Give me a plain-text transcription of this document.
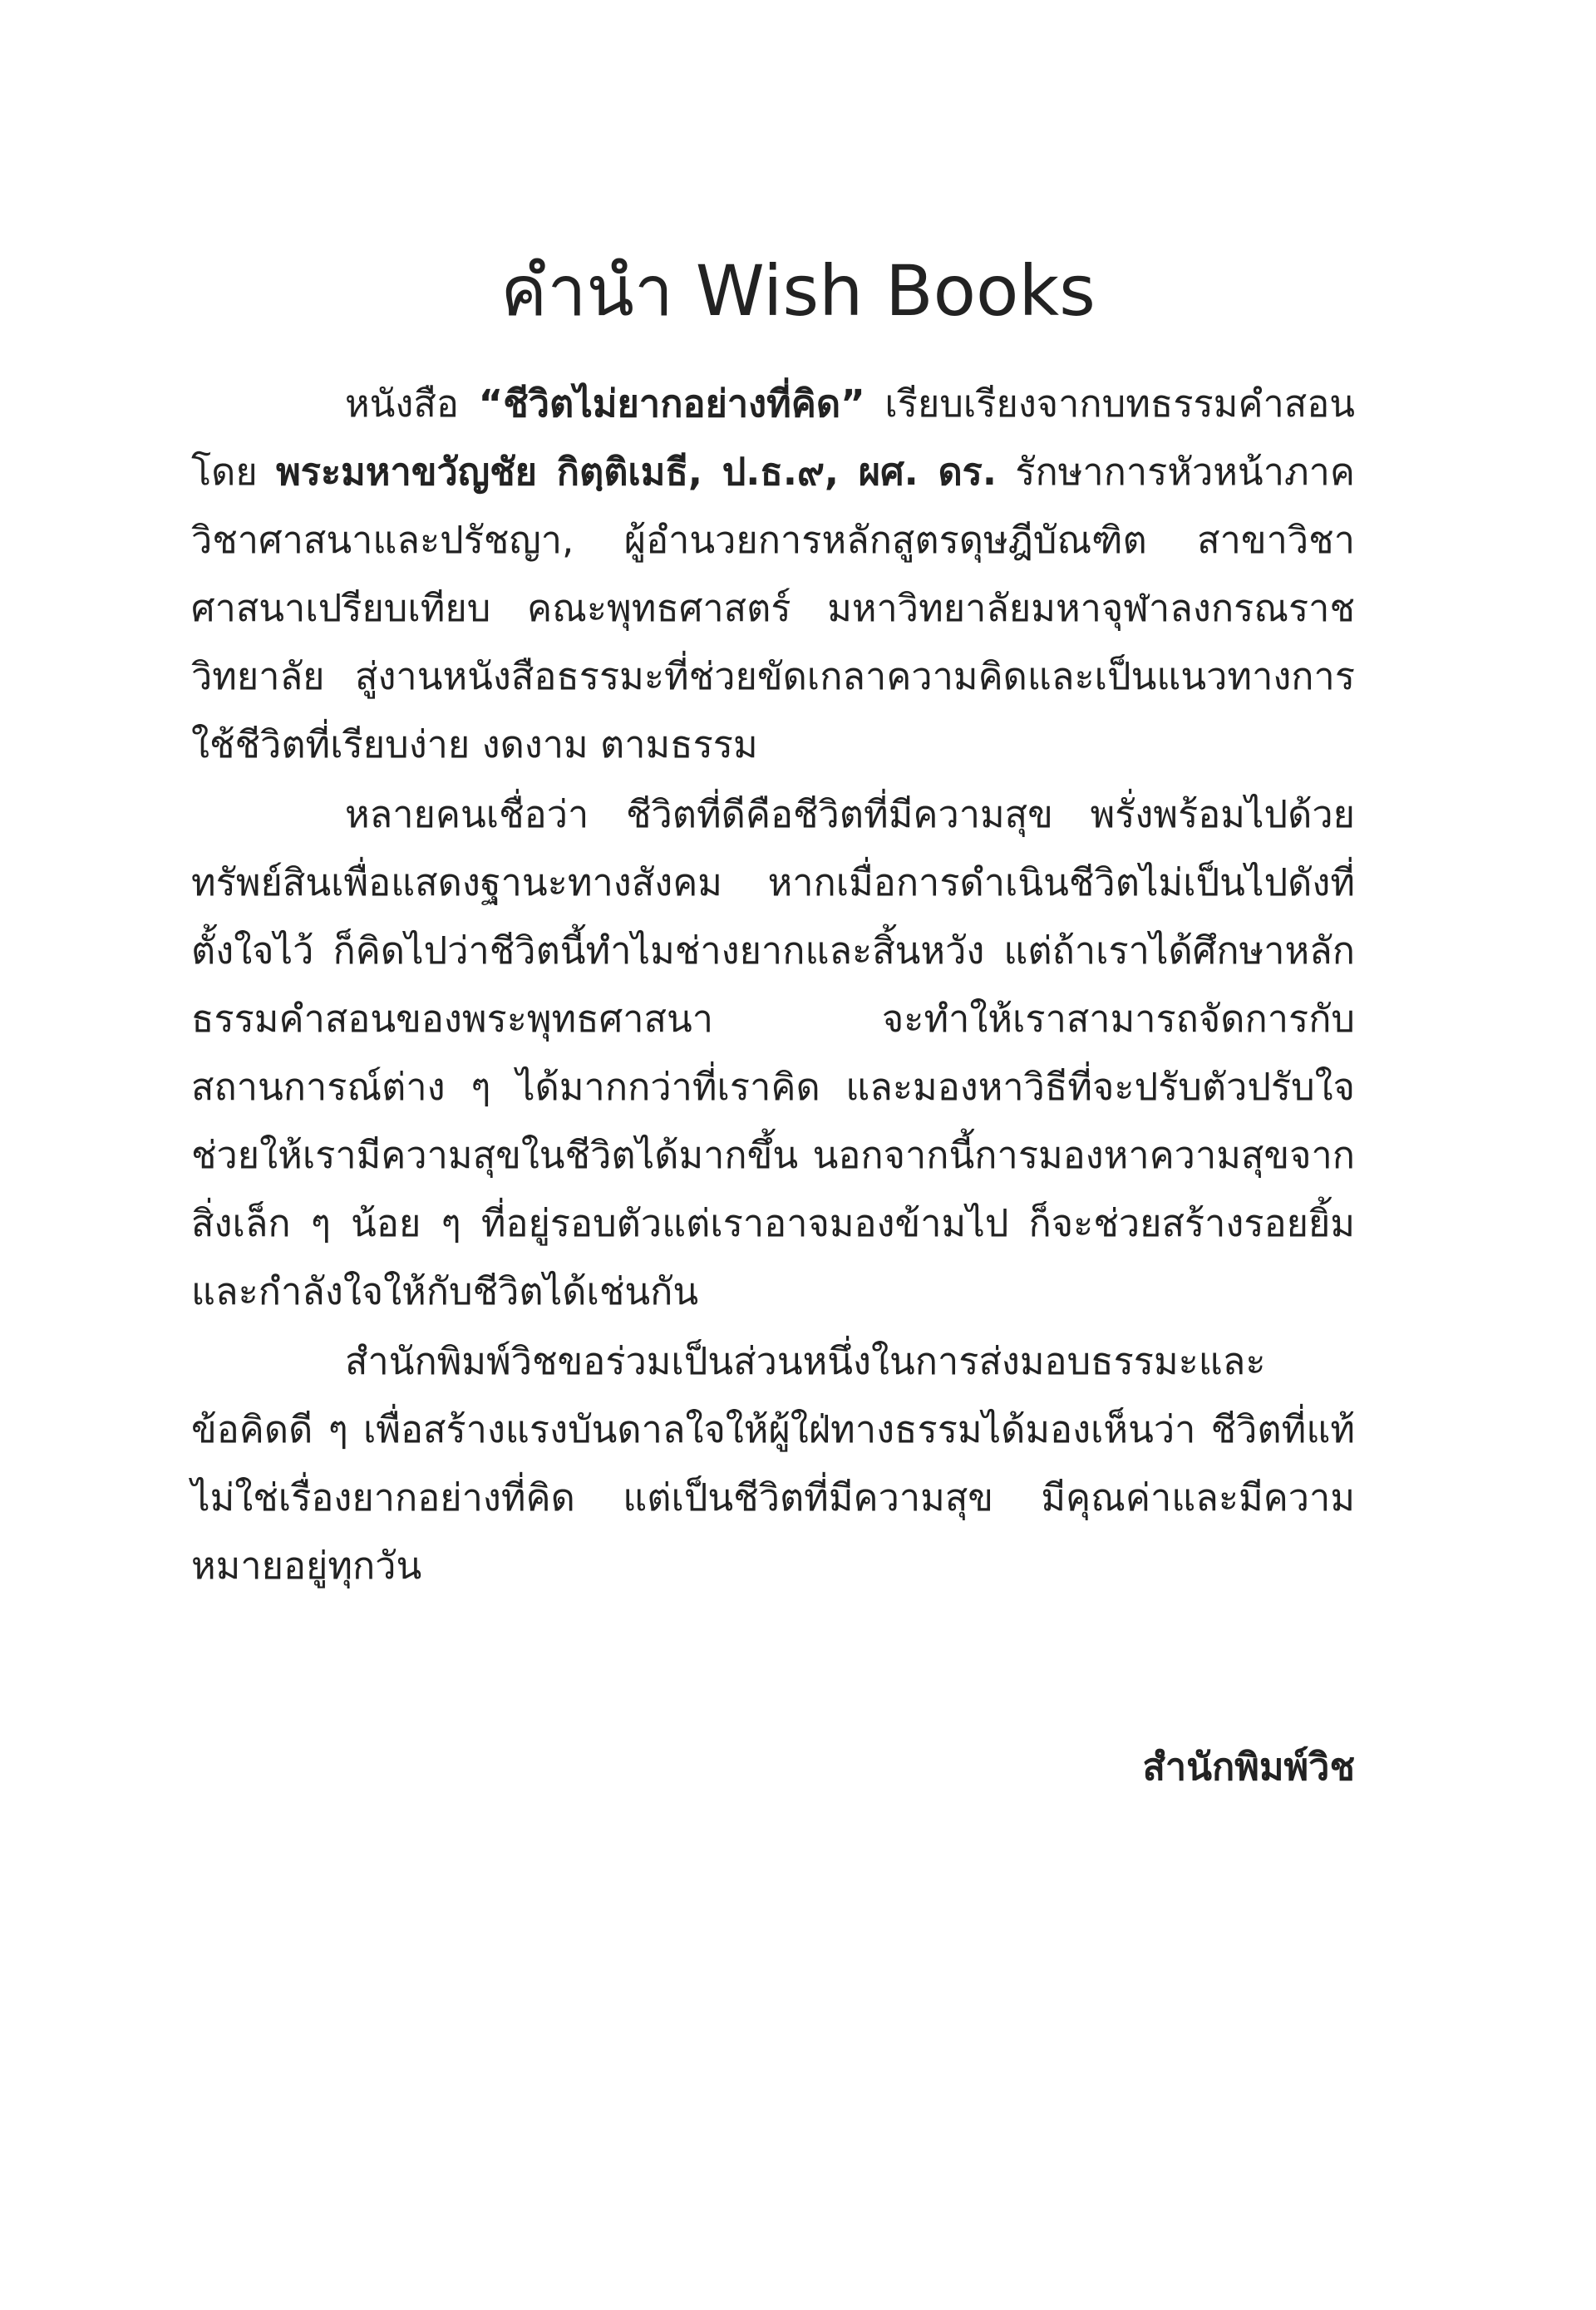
คำนำ Wish Books

หนังสือ “ชีวิตไม่ยากอย่างที่คิด” เรียบเรียงจากบทธรรมคำสอน โดย พระมหาขวัญชัย กิตฺติเมธี, ป.ธ.๙, ผศ. ดร. รักษาการหัวหน้าภาควิชาศาสนาและปรัชญา, ผู้อำนวยการหลักสูตรดุษฎีบัณฑิต สาขาวิชาศาสนาเปรียบเทียบ คณะพุทธศาสตร์ มหาวิทยาลัยมหาจุฬาลงกรณราชวิทยาลัย สู่งานหนังสือธรรมะที่ช่วยขัดเกลาความคิดและเป็นแนวทางการใช้ชีวิตที่เรียบง่าย งดงาม ตามธรรม

หลายคนเชื่อว่า ชีวิตที่ดีคือชีวิตที่มีความสุข พรั่งพร้อมไปด้วยทรัพย์สินเพื่อแสดงฐานะทางสังคม หากเมื่อการดำเนินชีวิตไม่เป็นไปดังที่ตั้งใจไว้ ก็คิดไปว่าชีวิตนี้ทำไมช่างยากและสิ้นหวัง แต่ถ้าเราได้ศึกษาหลักธรรมคำสอนของพระพุทธศาสนา จะทำให้เราสามารถจัดการกับสถานการณ์ต่าง ๆ ได้มากกว่าที่เราคิด และมองหาวิธีที่จะปรับตัวปรับใจช่วยให้เรามีความสุขในชีวิตได้มากขึ้น นอกจากนี้การมองหาความสุขจากสิ่งเล็ก ๆ น้อย ๆ ที่อยู่รอบตัวแต่เราอาจมองข้ามไป ก็จะช่วยสร้างรอยยิ้มและกำลังใจให้กับชีวิตได้เช่นกัน

สำนักพิมพ์วิชขอร่วมเป็นส่วนหนึ่งในการส่งมอบธรรมะและข้อคิดดี ๆ เพื่อสร้างแรงบันดาลใจให้ผู้ใฝ่ทางธรรมได้มองเห็นว่า ชีวิตที่แท้ไม่ใช่เรื่องยากอย่างที่คิด แต่เป็นชีวิตที่มีความสุข มีคุณค่าและมีความหมายอยู่ทุกวัน

สำนักพิมพ์วิช
